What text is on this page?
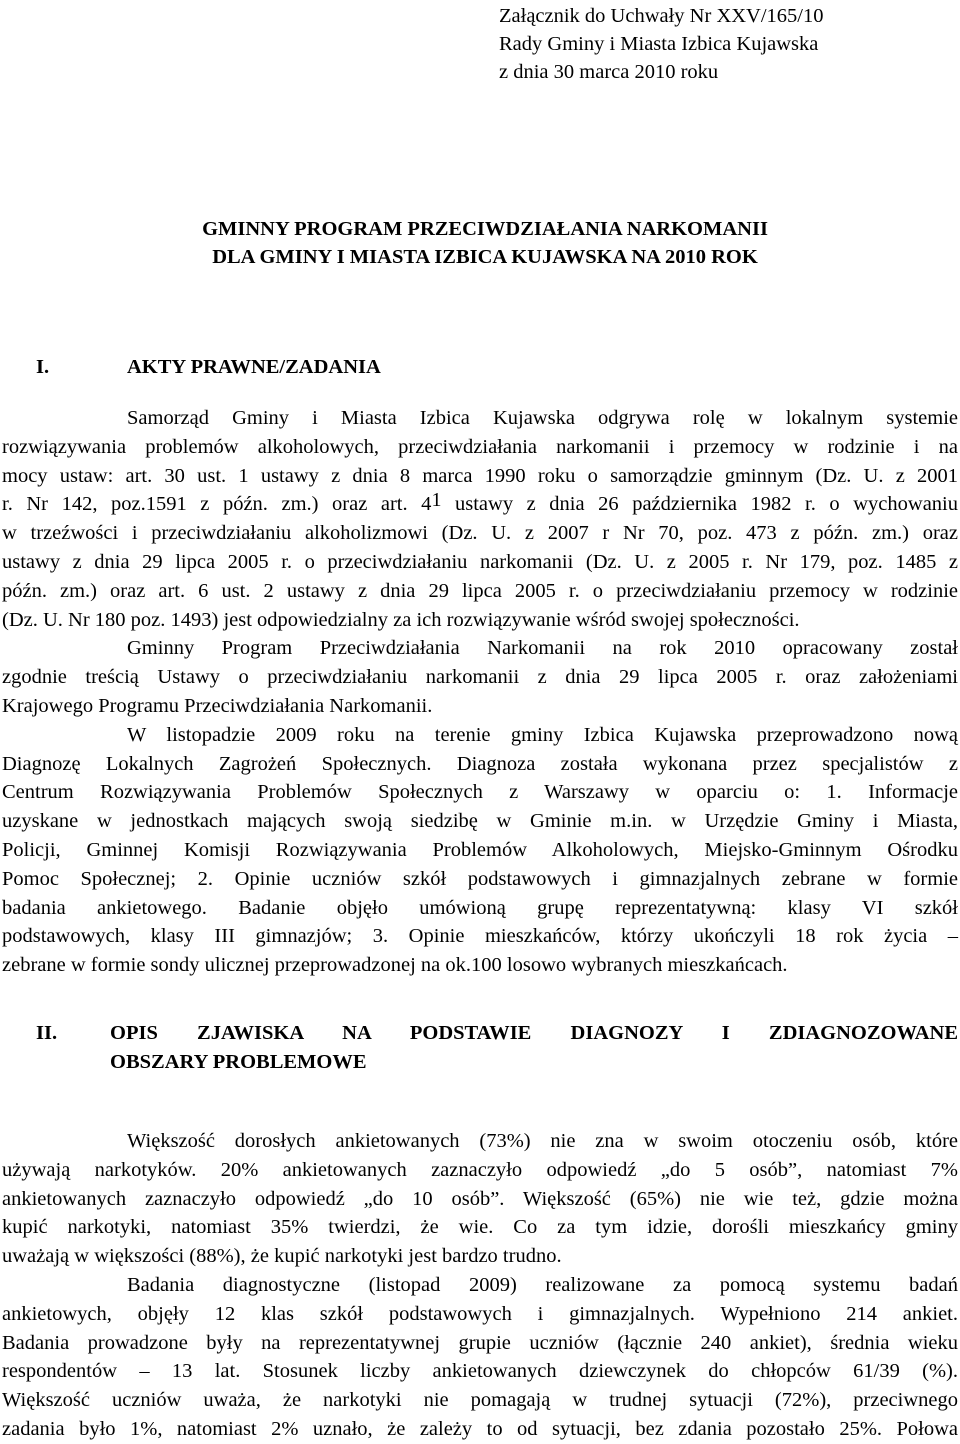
Załącznik do Uchwały Nr XXV/165/10
Rady Gminy i Miasta Izbica Kujawska
z dnia 30 marca 2010 roku
GMINNY PROGRAM PRZECIWDZIAŁANIA NARKOMANII
DLA GMINY I MIASTA IZBICA KUJAWSKA NA 2010 ROK
I.	AKTY PRAWNE/ZADANIA
Samorząd Gminy i Miasta Izbica Kujawska odgrywa rolę w lokalnym systemie
rozwiązywania problemów alkoholowych, przeciwdziałania narkomanii i przemocy w rodzinie i na
mocy ustaw: art. 30 ust. 1 ustawy z dnia 8 marca 1990 roku o samorządzie gminnym (Dz. U. z 2001
r. Nr 142, poz.1591 z późn. zm.) oraz art. $4^1$ ustawy z dnia 26 października 1982 r. o wychowaniu
w trzeźwości i przeciwdziałaniu alkoholizmowi (Dz. U. z 2007 r Nr 70, poz. 473 z późn. zm.) oraz
ustawy z dnia 29 lipca 2005 r. o przeciwdziałaniu narkomanii (Dz. U. z 2005 r. Nr 179, poz. 1485 z
późn. zm.) oraz art. 6 ust. 2 ustawy z dnia 29 lipca 2005 r. o przeciwdziałaniu przemocy w rodzinie
(Dz. U. Nr 180 poz. 1493) jest odpowiedzialny za ich rozwiązywanie wśród swojej społeczności.
Gminny Program Przeciwdziałania Narkomanii na rok 2010 opracowany został
zgodnie treścią Ustawy o przeciwdziałaniu narkomanii z dnia 29 lipca 2005 r. oraz założeniami
Krajowego Programu Przeciwdziałania Narkomanii.
W listopadzie 2009 roku na terenie gminy Izbica Kujawska przeprowadzono nową
Diagnozę Lokalnych Zagrożeń Społecznych. Diagnoza została wykonana przez specjalistów z
Centrum Rozwiązywania Problemów Społecznych z Warszawy w oparciu o: 1. Informacje
uzyskane w jednostkach mających swoją siedzibę w Gminie m.in. w Urzędzie Gminy i Miasta,
Policji, Gminnej Komisji Rozwiązywania Problemów Alkoholowych, Miejsko-Gminnym Ośrodku
Pomoc Społecznej; 2. Opinie uczniów szkół podstawowych i gimnazjalnych zebrane w formie
badania ankietowego. Badanie objęło umówioną grupę reprezentatywną: klasy VI szkół
podstawowych, klasy III gimnazjów; 3. Opinie mieszkańców, którzy ukończyli 18 rok życia –
zebrane w formie sondy ulicznej przeprowadzonej na ok.100 losowo wybranych mieszkańcach.
II.	OPIS ZJAWISKA NA PODSTAWIE DIAGNOZY I ZDIAGNOZOWANE
OBSZARY PROBLEMOWE
Większość dorosłych ankietowanych (73%) nie zna w swoim otoczeniu osób, które
używają narkotyków. 20% ankietowanych zaznaczyło odpowiedź „do 5 osób”, natomiast 7%
ankietowanych zaznaczyło odpowiedź „do 10 osób”. Większość (65%) nie wie też, gdzie można
kupić narkotyki, natomiast 35% twierdzi, że wie. Co za tym idzie, dorośli mieszkańcy gminy
uważają w większości (88%), że kupić narkotyki jest bardzo trudno.
Badania diagnostyczne (listopad 2009) realizowane za pomocą systemu badań
ankietowych, objęły 12 klas szkół podstawowych i gimnazjalnych. Wypełniono 214 ankiet.
Badania prowadzone były na reprezentatywnej grupie uczniów (łącznie 240 ankiet), średnia wieku
respondentów – 13 lat. Stosunek liczby ankietowanych dziewczynek do chłopców 61/39 (%).
Większość uczniów uważa, że narkotyki nie pomagają w trudnej sytuacji (72%), przeciwnego
zadania było 1%, natomiast 2% uznało, że zależy to od sytuacji, bez zdania pozostało 25%. Połowa
